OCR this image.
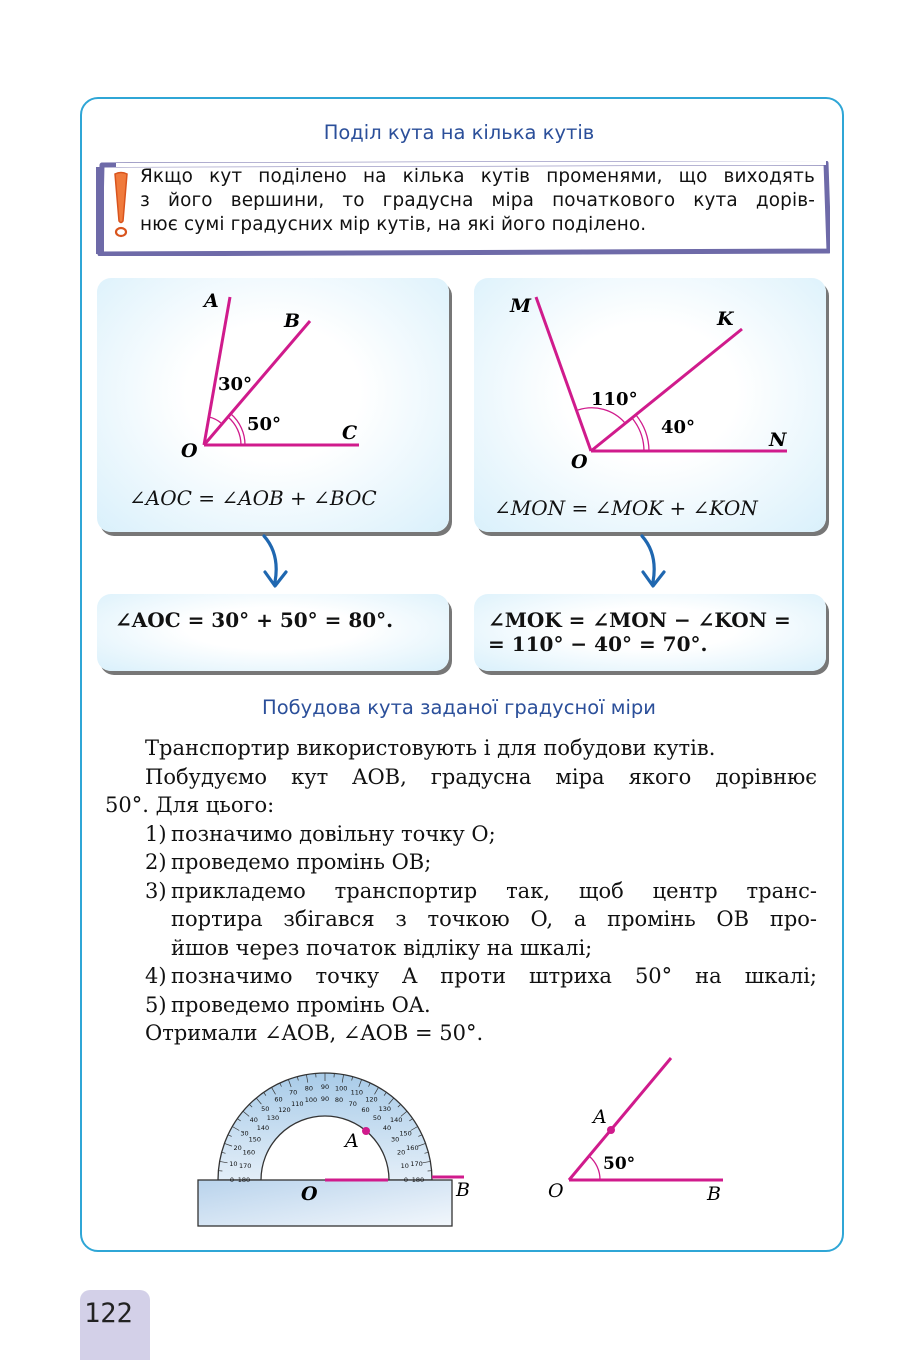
Поділ кута на кілька кутів
Якщо кут поділено на кілька кутів променями, що виходять
з його вершини, то градусна міра початкового кута дорів-
нює сумі градусних мір кутів, на які його поділено.
A
B
C
O
30°
50°
∠AOC = ∠AOB + ∠BOC
M
K
N
O
110°
40°
∠MON = ∠MOK + ∠KON
∠AOC = 30° + 50° = 80°.	∠MOK = ∠MON − ∠KON =
= 110° − 40° = 70°.
Побудова кута заданої градусної міри
Транспортир використовують і для побудови кутів.
Побудуємо кут AOB, градусна міра якого дорівнює
50°. Для цього:
1) позначимо довільну точку O;
2) проведемо промінь OB;
3) прикладемо транспортир так, щоб центр транс-
портира збігався з точкою O, а промінь OB про-
йшов через початок відліку на шкалі;
4) позначимо точку A проти штриха 50° на шкалі;
5) проведемо промінь OA.
Отримали ∠AOB, ∠AOB = 50°.
0 180
10 170
20
160
30
150
40
140
50
130
60
120
70
110
80
100
90
90
100
80
110
70
120
60 130
50 140
40
150
30
160
20
170
10
180
0
A
O	B
A
O	B
50°
122
